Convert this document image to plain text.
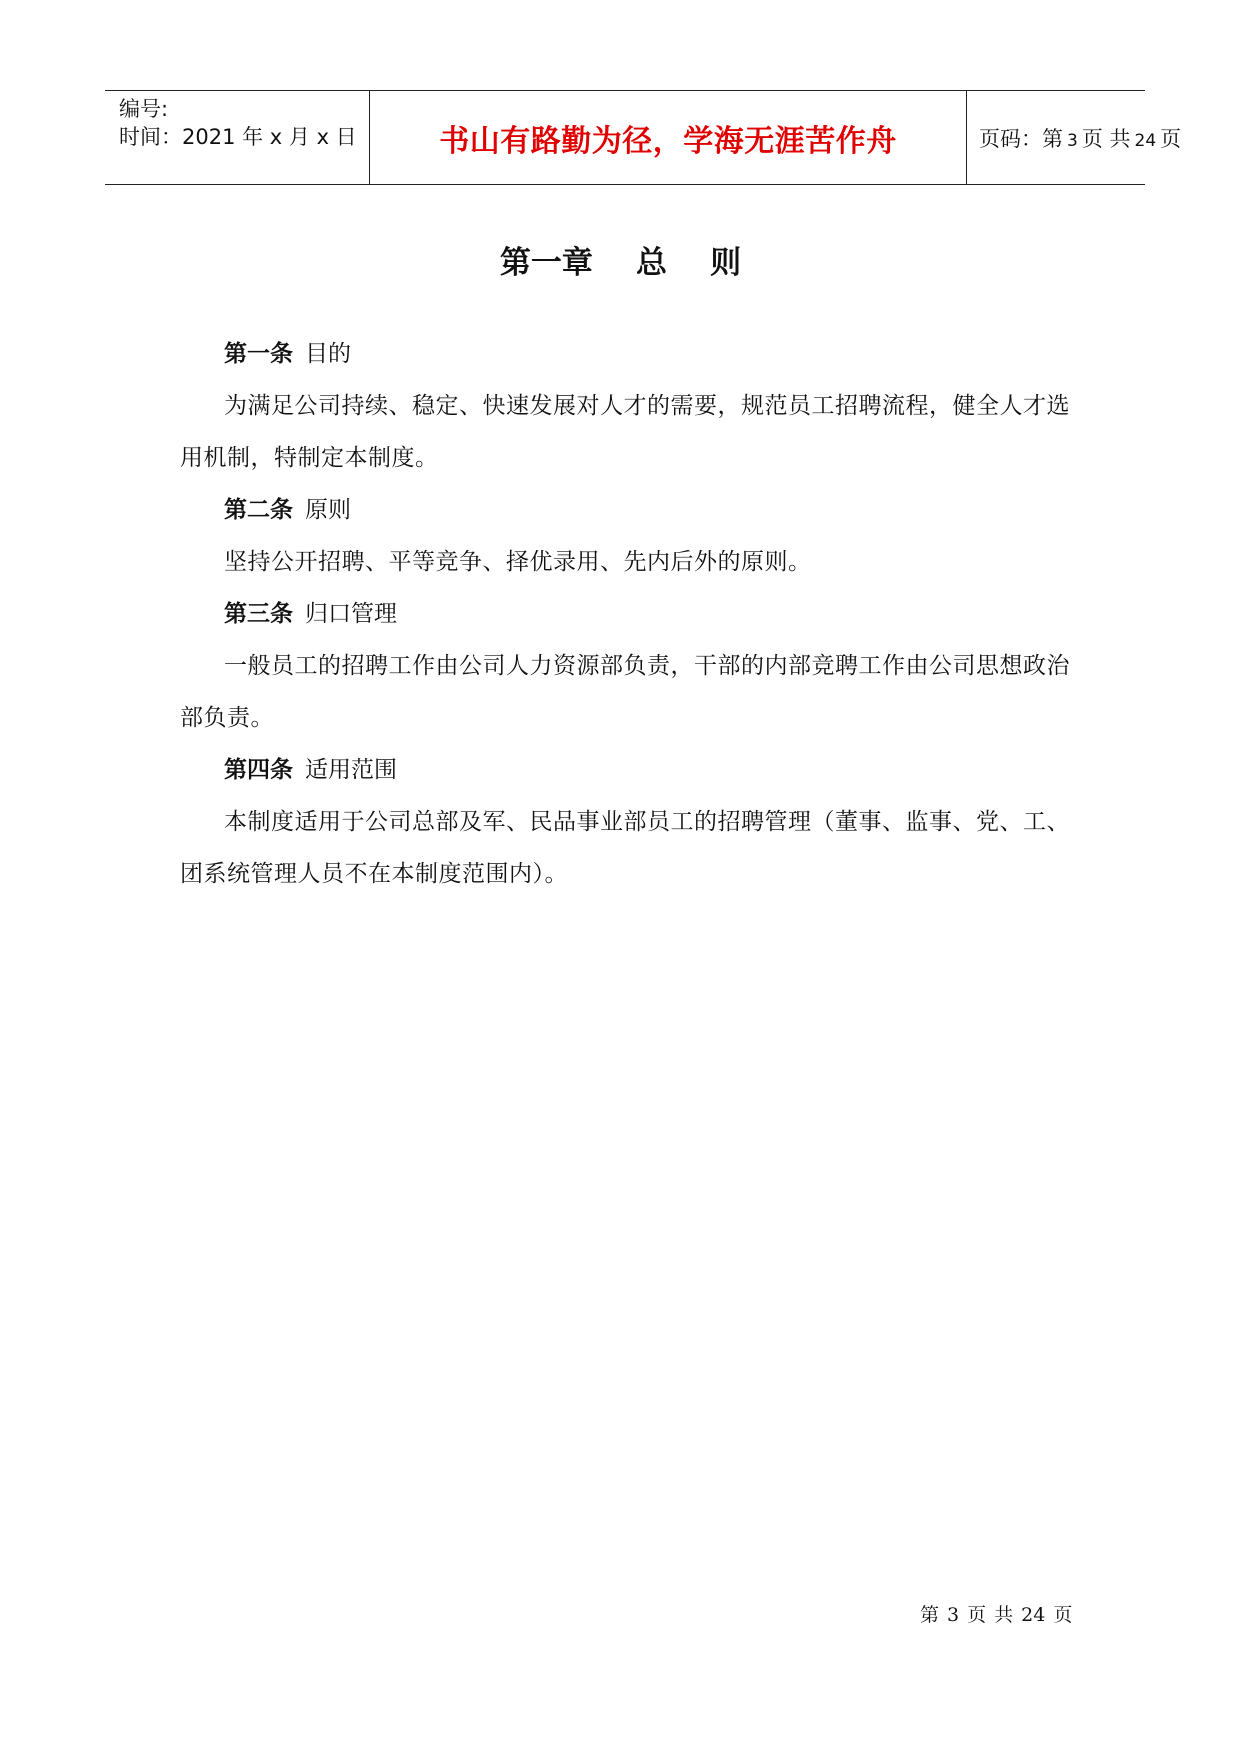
编号:
时间：2021 年 x 月 x 日	书山有路勤为径，学海无涯苦作舟	页码：第 3 页 共 24 页
第一章    总    则
第一条 目的

为满足公司持续、稳定、快速发展对人才的需要，规范员工招聘流程，健全人才选用机制，特制定本制度。

第二条 原则

坚持公开招聘、平等竞争、择优录用、先内后外的原则。

第三条 归口管理

一般员工的招聘工作由公司人力资源部负责，干部的内部竞聘工作由公司思想政治部负责。

第四条 适用范围

本制度适用于公司总部及军、民品事业部员工的招聘管理（董事、监事、党、工、团系统管理人员不在本制度范围内）。

第 3 页 共 24 页
